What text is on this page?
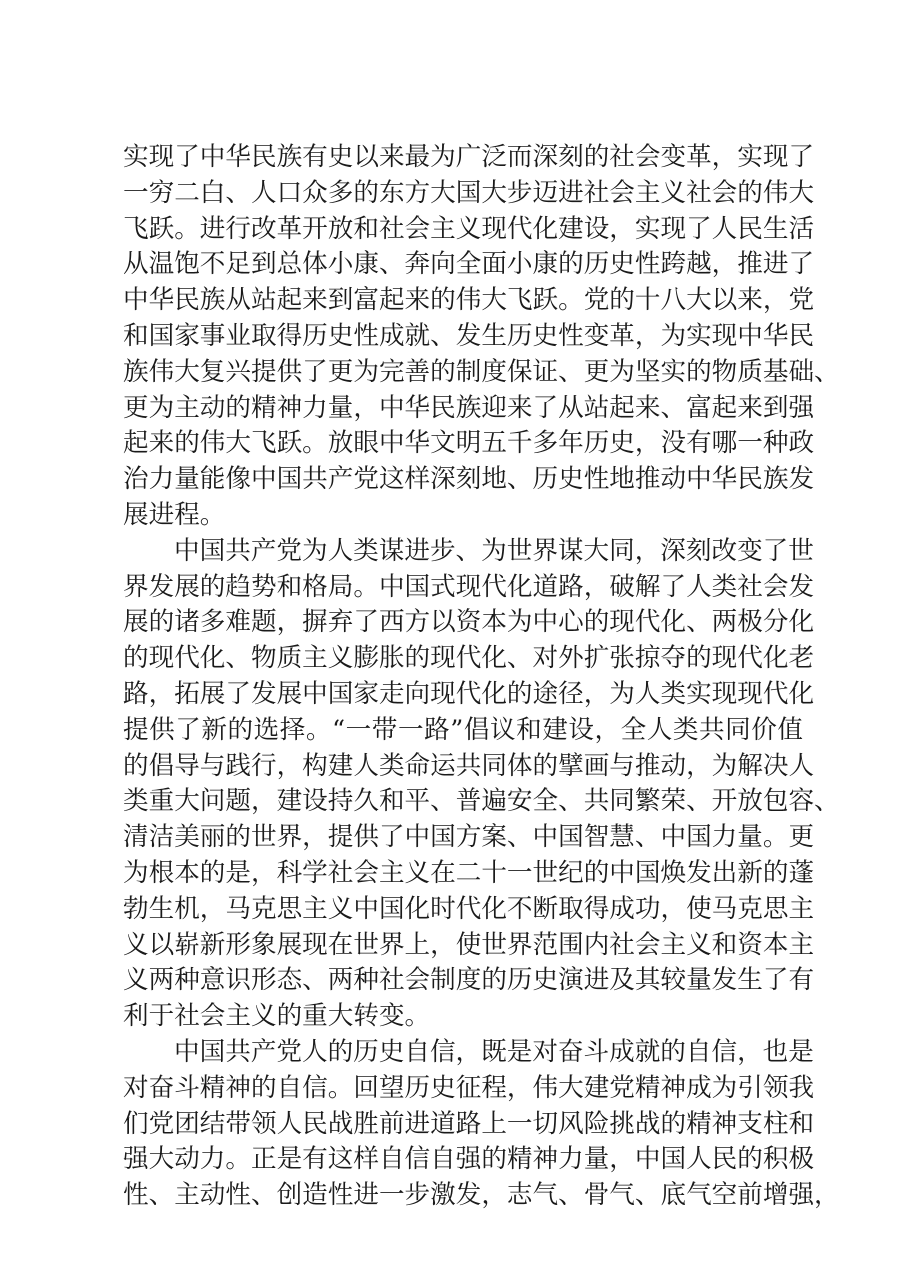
实现了中华民族有史以来最为广泛而深刻的社会变革，实现了
一穷二白、人口众多的东方大国大步迈进社会主义社会的伟大
飞跃。进行改革开放和社会主义现代化建设，实现了人民生活
从温饱不足到总体小康、奔向全面小康的历史性跨越，推进了
中华民族从站起来到富起来的伟大飞跃。党的十八大以来，党
和国家事业取得历史性成就、发生历史性变革，为实现中华民
族伟大复兴提供了更为完善的制度保证、更为坚实的物质基础、
更为主动的精神力量，中华民族迎来了从站起来、富起来到强
起来的伟大飞跃。放眼中华文明五千多年历史，没有哪一种政
治力量能像中国共产党这样深刻地、历史性地推动中华民族发
展进程。
中国共产党为人类谋进步、为世界谋大同，深刻改变了世
界发展的趋势和格局。中国式现代化道路，破解了人类社会发
展的诸多难题，摒弃了西方以资本为中心的现代化、两极分化
的现代化、物质主义膨胀的现代化、对外扩张掠夺的现代化老
路，拓展了发展中国家走向现代化的途径，为人类实现现代化
提供了新的选择。“一带一路”倡议和建设，全人类共同价值
的倡导与践行，构建人类命运共同体的擘画与推动，为解决人
类重大问题，建设持久和平、普遍安全、共同繁荣、开放包容、
清洁美丽的世界，提供了中国方案、中国智慧、中国力量。更
为根本的是，科学社会主义在二十一世纪的中国焕发出新的蓬
勃生机，马克思主义中国化时代化不断取得成功，使马克思主
义以崭新形象展现在世界上，使世界范围内社会主义和资本主
义两种意识形态、两种社会制度的历史演进及其较量发生了有
利于社会主义的重大转变。
中国共产党人的历史自信，既是对奋斗成就的自信，也是
对奋斗精神的自信。回望历史征程，伟大建党精神成为引领我
们党团结带领人民战胜前进道路上一切风险挑战的精神支柱和
强大动力。正是有这样自信自强的精神力量，中国人民的积极
性、主动性、创造性进一步激发，志气、骨气、底气空前增强，
